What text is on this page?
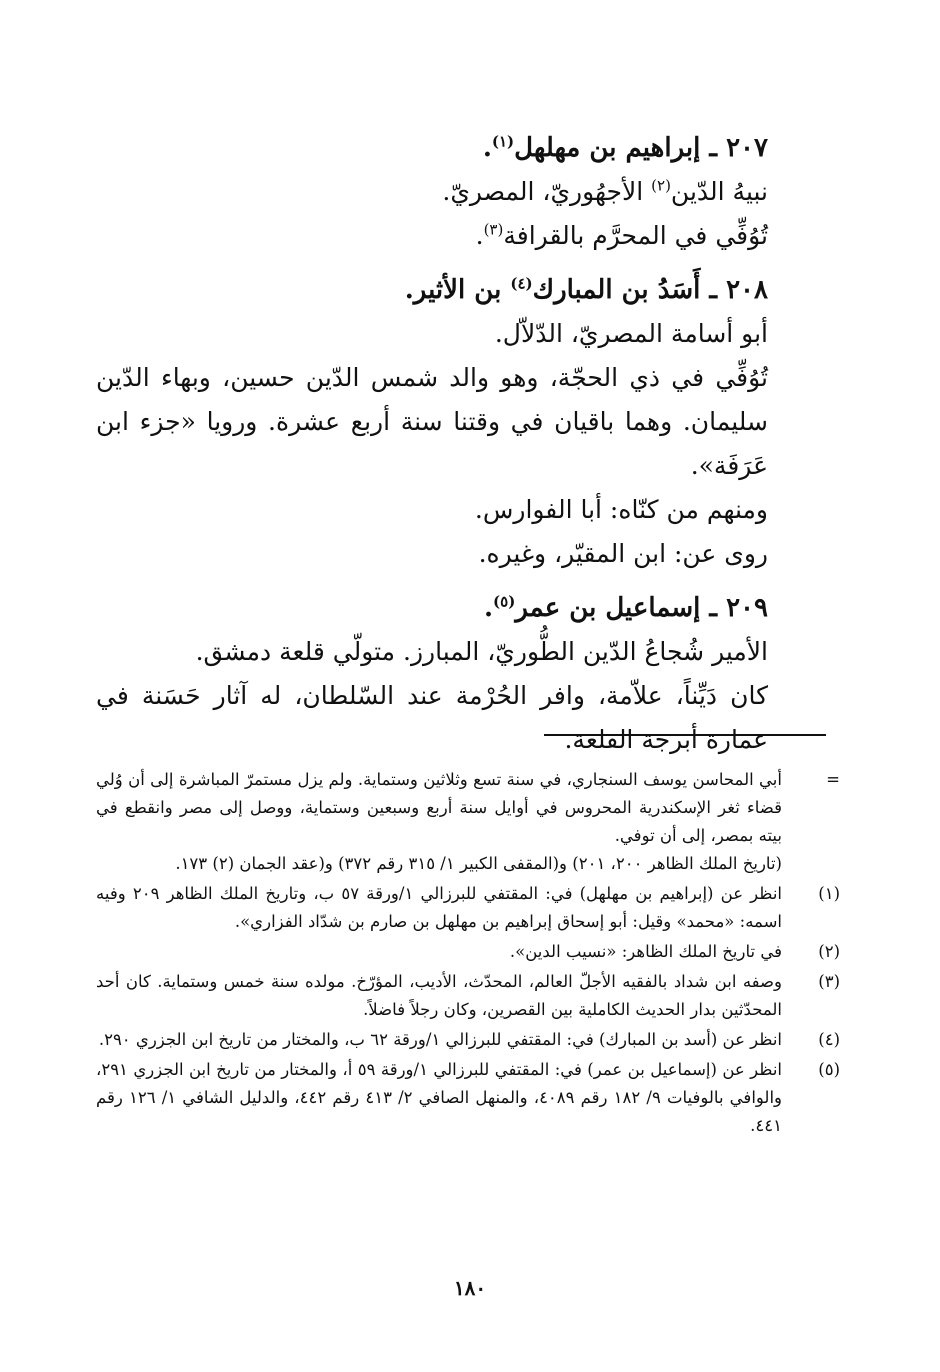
٢٠٧ ـ إبراهيم بن مهلهل$^{(١)}$.
نبيهُ الدّين$^{(٢)}$ الأجهُوريّ، المصريّ.
تُوُفِّي في المحرَّم بالقرافة$^{(٣)}$.
٢٠٨ ـ أَسَدُ بن المبارك$^{(٤)}$ بن الأثير.
أبو أسامة المصريّ، الدّلاّل.
تُوُفِّي في ذي الحجّة، وهو والد شمس الدّين حسين، وبهاء الدّين سليمان. وهما باقيان في وقتنا سنة أربع عشرة. ورويا «جزء ابن عَرَفَة».
ومنهم من كنّاه: أبا الفوارس.
روى عن: ابن المقيّر، وغيره.
٢٠٩ ـ إسماعيل بن عمر$^{(٥)}$.
الأمير شُجاعُ الدّين الطُّوريّ، المبارز. متولّي قلعة دمشق.
كان دَيِّناً، علاّمة، وافر الحُرْمة عند السّلطان، له آثار حَسَنة في عمارة أبرجة القلعة.
=
أبي المحاسن يوسف السنجاري، في سنة تسع وثلاثين وستماية. ولم يزل مستمرّ المباشرة إلى أن وُلي قضاء ثغر الإسكندرية المحروس في أوايل سنة أربع وسبعين وستماية، ووصل إلى مصر وانقطع في بيته بمصر، إلى أن توفي.
(تاريخ الملك الظاهر ٢٠٠، ٢٠١) و(المقفى الكبير ١/ ٣١٥ رقم ٣٧٢) و(عقد الجمان (٢) ١٧٣.
(١)
انظر عن (إبراهيم بن مهلهل) في: المقتفي للبرزالي ١/ورقة ٥٧ ب، وتاريخ الملك الظاهر ٢٠٩ وفيه اسمه: «محمد» وقيل: أبو إسحاق إبراهيم بن مهلهل بن صارم بن شدّاد الفزاري».
(٢)
في تاريخ الملك الظاهر: «نسيب الدين».
(٣)
وصفه ابن شداد بالفقيه الأجلّ العالم، المحدّث، الأديب، المؤرّخ. مولده سنة خمس وستماية. كان أحد المحدّثين بدار الحديث الكاملية بين القصرين، وكان رجلاً فاضلاً.
(٤)
انظر عن (أسد بن المبارك) في: المقتفي للبرزالي ١/ورقة ٦٢ ب، والمختار من تاريخ ابن الجزري ٢٩٠.
(٥)
انظر عن (إسماعيل بن عمر) في: المقتفي للبرزالي ١/ورقة ٥٩ أ، والمختار من تاريخ ابن الجزري ٢٩١، والوافي بالوفيات ٩/ ١٨٢ رقم ٤٠٨٩، والمنهل الصافي ٢/ ٤١٣ رقم ٤٤٢، والدليل الشافي ١/ ١٢٦ رقم ٤٤١.
١٨٠
